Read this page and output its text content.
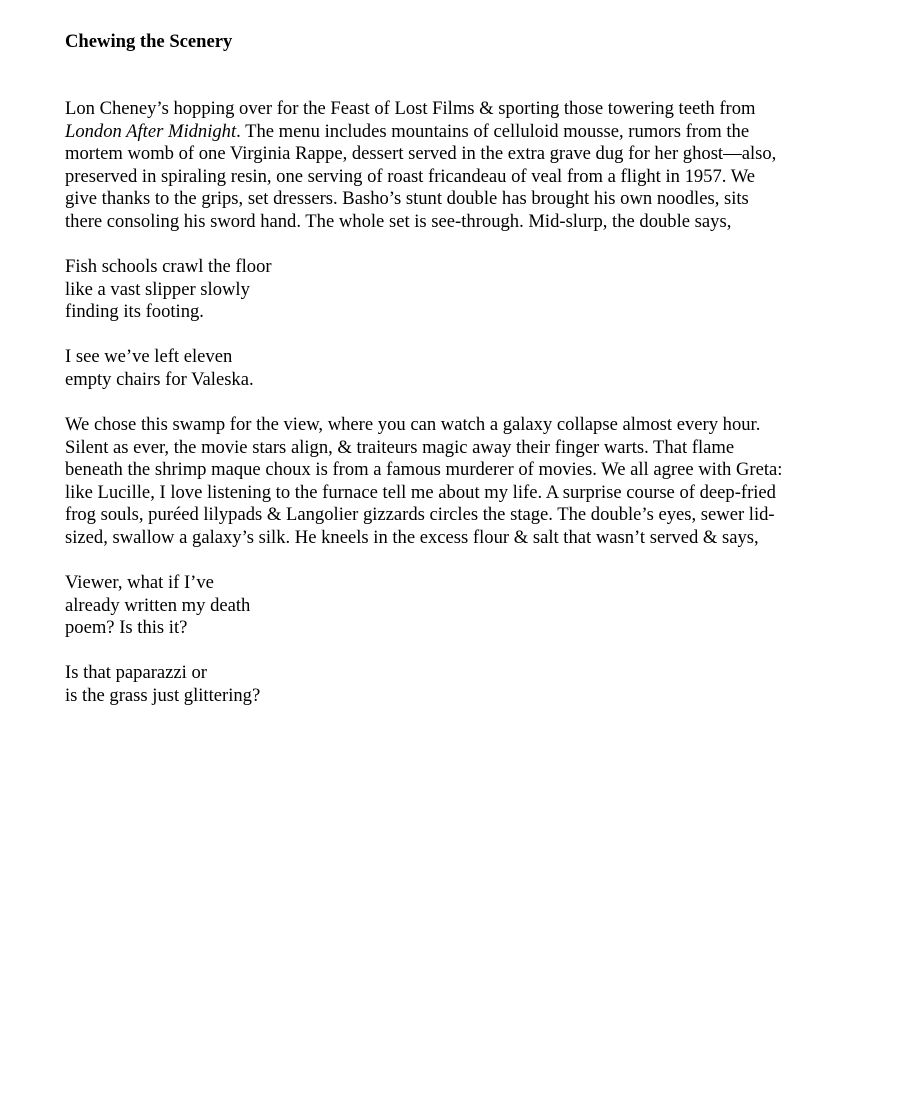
Chewing the Scenery
Lon Cheney’s hopping over for the Feast of Lost Films & sporting those towering teeth from
London After Midnight. The menu includes mountains of celluloid mousse, rumors from the
mortem womb of one Virginia Rappe, dessert served in the extra grave dug for her ghost—also,
preserved in spiraling resin, one serving of roast fricandeau of veal from a flight in 1957. We
give thanks to the grips, set dressers. Basho’s stunt double has brought his own noodles, sits
there consoling his sword hand. The whole set is see-through. Mid-slurp, the double says,
Fish schools crawl the floor
like a vast slipper slowly
finding its footing.
I see we’ve left eleven
empty chairs for Valeska.
We chose this swamp for the view, where you can watch a galaxy collapse almost every hour.
Silent as ever, the movie stars align, & traiteurs magic away their finger warts. That flame
beneath the shrimp maque choux is from a famous murderer of movies. We all agree with Greta:
like Lucille, I love listening to the furnace tell me about my life. A surprise course of deep-fried
frog souls, puréed lilypads & Langolier gizzards circles the stage. The double’s eyes, sewer lid-
sized, swallow a galaxy’s silk. He kneels in the excess flour & salt that wasn’t served & says,
Viewer, what if I’ve
already written my death
poem? Is this it?
Is that paparazzi or
is the grass just glittering?
